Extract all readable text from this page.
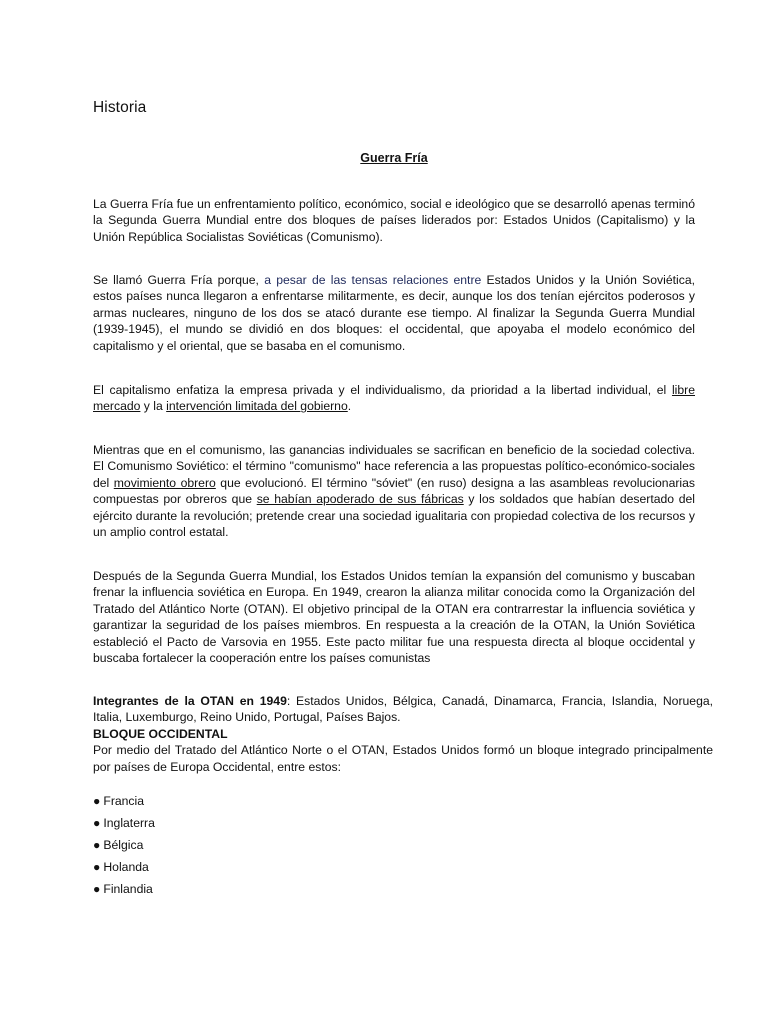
Historia
Guerra Fría
La Guerra Fría fue un enfrentamiento político, económico, social e ideológico que se desarrolló apenas terminó la Segunda Guerra Mundial entre dos bloques de países liderados por: Estados Unidos (Capitalismo) y la Unión República Socialistas Soviéticas (Comunismo).
Se llamó Guerra Fría porque, a pesar de las tensas relaciones entre Estados Unidos y la Unión Soviética, estos países nunca llegaron a enfrentarse militarmente, es decir, aunque los dos tenían ejércitos poderosos y armas nucleares, ninguno de los dos se atacó durante ese tiempo. Al finalizar la Segunda Guerra Mundial (1939-1945), el mundo se dividió en dos bloques: el occidental, que apoyaba el modelo económico del capitalismo y el oriental, que se basaba en el comunismo.
El capitalismo enfatiza la empresa privada y el individualismo, da prioridad a la libertad individual, el libre mercado y la intervención limitada del gobierno.
Mientras que en el comunismo, las ganancias individuales se sacrifican en beneficio de la sociedad colectiva. El Comunismo Soviético: el término "comunismo" hace referencia a las propuestas político-económico-sociales del movimiento obrero que evolucionó. El término "sóviet" (en ruso) designa a las asambleas revolucionarias compuestas por obreros que se habían apoderado de sus fábricas y los soldados que habían desertado del ejército durante la revolución; pretende crear una sociedad igualitaria con propiedad colectiva de los recursos y un amplio control estatal.
Después de la Segunda Guerra Mundial, los Estados Unidos temían la expansión del comunismo y buscaban frenar la influencia soviética en Europa. En 1949, crearon la alianza militar conocida como la Organización del Tratado del Atlántico Norte (OTAN). El objetivo principal de la OTAN era contrarrestar la influencia soviética y garantizar la seguridad de los países miembros. En respuesta a la creación de la OTAN, la Unión Soviética estableció el Pacto de Varsovia en 1955. Este pacto militar fue una respuesta directa al bloque occidental y buscaba fortalecer la cooperación entre los países comunistas
Integrantes de la OTAN en 1949: Estados Unidos, Bélgica, Canadá, Dinamarca, Francia, Islandia, Noruega, Italia, Luxemburgo, Reino Unido, Portugal, Países Bajos.
BLOQUE OCCIDENTAL
Por medio del Tratado del Atlántico Norte o el OTAN, Estados Unidos formó un bloque integrado principalmente por países de Europa Occidental, entre estos:
● Francia
● Inglaterra
● Bélgica
● Holanda
● Finlandia
